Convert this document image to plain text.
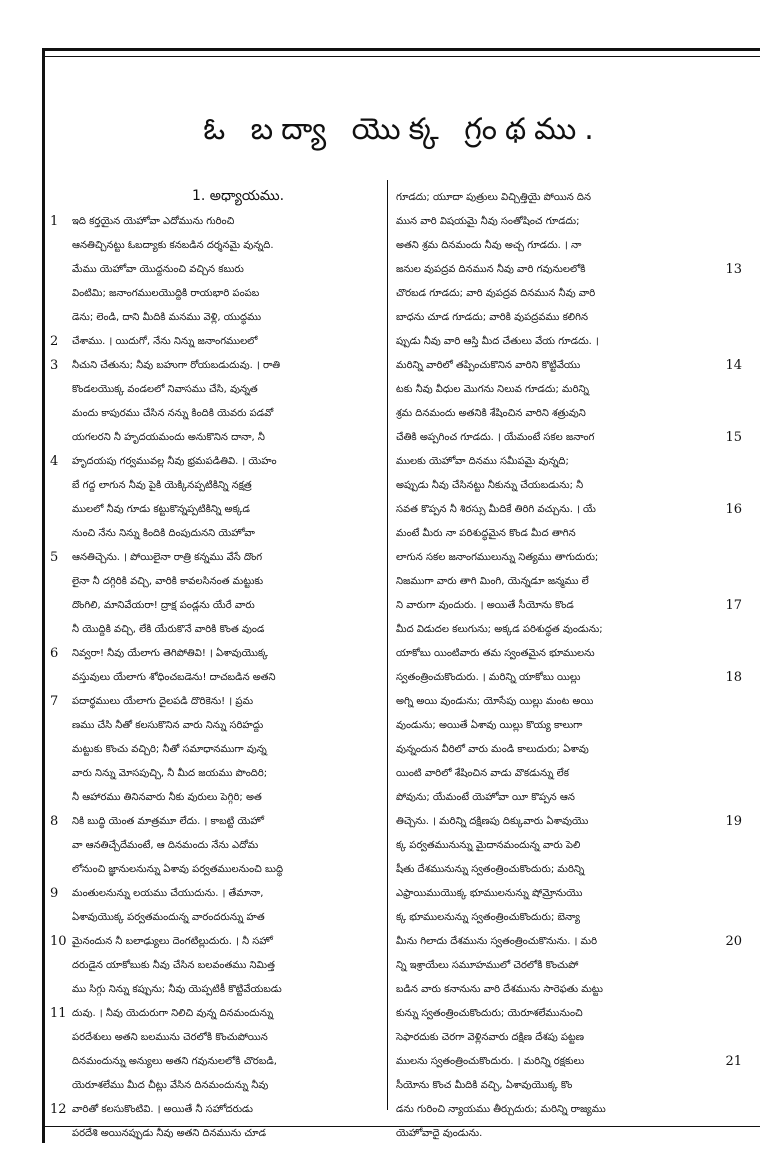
ఓ బద్యా యొక్క గ్రంథము.
1. అధ్యాయము.
1	ఇది కర్తయైన యెహోవా ఎదోమును గురించి
ఆనతిచ్చినట్టు ఓబద్యాకు కనబడిన దర్శనమై వున్నది.
మేము యెహోవా యొద్దనుంచి వచ్చిన కబురు
వింటిమి; జనాంగములయొద్దికి రాయభారి పంపబ
డెను; లెండి, దాని మీదికి మనము వెళ్లి, యుద్ధము
2	చేశాము. । యిదుగో, నేను నిన్ను జనాంగములలో
3	నీచుని చేతును; నీవు బహుగా రోయబడుదువు. । రాతి
కొండలయొక్క వండలలో నివాసము చేసి, వున్నత
మందు కాపురము చేసిన నన్ను కిందికి యెవరు పడవో
యగలరని నీ హృదయమందు అనుకొనిన దానా, నీ
4	హృదయపు గర్వమువల్ల నీవు భ్రమపడితివి. । యెహం
బే గద్ద లాగున నీవు పైకి యెక్కినప్పటికిన్ని నక్షత్ర
ములలో నీవు గూడు కట్టుకొన్నప్పటికిన్ని అక్కడ
నుంచి నేను నిన్ను కిందికి దింపుదునని యెహోవా
5	ఆనతిచ్చెను. । పోయిలైనా రాత్రి కన్నము వేసే దొంగ
లైనా నీ దగ్గిరికి వచ్చి, వారికి కావలసినంత మట్టుకు
దొంగిలి, మానివేయరా! ద్రాక్ష పండ్లను యేరే వారు
నీ యొద్దికి వచ్చి, లేకి యేరుకొనే వారికి కొంత వుండ
6	నివ్వరా! నీవు యేలాగు తెగిపోతివి! । ఏశావుయొక్క
వస్తువులు యేలాగు శోధించబడెను! దాచబడిన అతని
7	పదార్థములు యేలాగు దైలపడి దొరికెను! । ప్రమ
ణము చేసి నీతో కలసుకొనిన వారు నిన్ను సరిహద్దు
మట్టుకు కొంచు వచ్చిరి; నీతో సమాధానముగా వున్న
వారు నిన్ను మోసపుచ్చి, నీ మీద జయము పొందిరి;
నీ ఆహారము తినినవారు నీకు వురులు పెగ్గిరి; అత
8	నికి బుద్ధి యెంత మాత్రమూ లేదు. । కాబట్టి యెహో
వా ఆనతిచ్చేదేమంటే, ఆ దినమందు నేను ఎదోమ
లోనుంచి జ్ఞానులనున్ను ఏశావు పర్వతములనుంచి బుద్ధి
9	మంతులనున్ను లయము చేయుదును. । తేమానా,
ఏశావుయొక్క పర్వతమందున్న వారందరున్ను హత
10 మైనందున నీ బలాఢ్యులు దెంగటిల్లుదురు. । నీ సహో
దరుడైన యాకోబుకు నీవు చేసిన బలవంతము నిమిత్త
ము సిగ్గు నిన్ను కప్పును; నీవు యెప్పటికీ కొట్టివేయబడు
11 దువు. । నీవు యెదురుగా నిలిచి వున్న దినమందున్ను
పరదేశులు అతని బలమును చెరలోకి కొంచుపోయిన
దినమందున్ను అన్యులు అతని గవునులలోకి చొరబడి,
యెరూశలేము మీద చీట్లు వేసిన దినమందున్ను నీవు
12 వారితో కలసుకొంటివి. । అయితే నీ సహోదరుడు
పరదేశి అయినప్పుడు నీవు అతని దినమును చూడ
గూడదు; యూదా పుత్రులు విచ్చిత్తియై పోయిన దిన
మున వారి విషయమై నీవు సంతోషించ గూడదు;
అతని శ్రమ దినమందు నీవు అచ్చ గూడదు. । నా
13
జనుల వుపద్రవ దినమున నీవు వారి గవునులలోకి
చొరబడ గూడదు; వారి వుపద్రవ దినమున నీవు వారి
బాధను చూడ గూడదు; వారికి వుపద్రవము కలిగిన
ప్పుడు నీవు వారి ఆస్తి మీద చేతులు వేయ గూడదు. ।
14
మరిన్ని వారిలో తప్పించుకొనిన వారిని కొట్టివేయు
టకు నీవు వీధుల మొగను నిలువ గూడదు; మరిన్ని
శ్రమ దినమందు అతనికి శేషించిన వారిని శత్రువుని
15
చేతికి అప్పగించ గూడదు. । యేమంటే సకల జనాంగ
ములకు యెహోవా దినము సమీపమై వున్నది;
అప్పుడు నీవు చేసినట్టు నీకున్ను చేయబడును; నీ
16
సవత కొప్పన నీ శిరస్సు మీదికే తిరిగి వచ్చును. । యే
మంటే మీరు నా పరిశుద్ధమైన కొండ మీద తాగిన
లాగున సకల జనాంగములున్ను నిత్యము తాగుదురు;
నిజముగా వారు తాగి మింగి, యెన్నడూ జన్మము లే
17
ని వారుగా వుందురు. । అయితే సీయోను కొండ
మీద విడుదల కలుగును; అక్కడ పరిశుద్ధత వుండును;
యాకోబు యింటివారు తమ స్వంతమైన భూములను
18
స్వతంత్రించుకొందురు. । మరిన్ని యాకోబు యిల్లు
అగ్ని అయి వుండును; యోసేపు యిల్లు మంట అయి
వుండును; అయితే ఏశావు యిల్లు కొయ్య కాలుగా
వున్నందున వీరిలో వారు మండి కాలుదురు; ఏశావు
యింటి వారిలో శేషించిన వాడు వొకడున్ను లేక
పోవును; యేమంటే యెహోవా యీ కొప్పన ఆన
19
తిచ్చెను. । మరిన్ని దక్షిణపు దిక్కువారు ఏశావుయొ
క్క పర్వతమునున్ను మైదానమందున్న వారు పెలి
షీతు దేశమునున్ను స్వతంత్రించుకొందురు; మరిన్ని
ఎఫ్రాయిముయొక్క భూములనున్ను షోమ్రోనుయొ
క్క భూములనున్ను స్వతంత్రించుకొందురు; బెన్యా
20
మీను గిలాదు దేశమును స్వతంత్రించుకొనును. । మరి
న్ని ఇశ్రాయేలు సమూహములో చెరలోకి కొంచుపో
బడిన వారు కనానును వారి దేశమును సారెఫతు మట్టు
కున్ను స్వతంత్రించుకొందురు; యెరూశలేమునుంచి
సెఫారదుకు చెరగా వెళ్లినవారు దక్షిణ దేశపు పట్టణ
21
ములను స్వతంత్రించుకొందురు. । మరిన్ని రక్షకులు
సీయోను కొంచ మీదికి వచ్చి, ఏశావుయొక్క కొం
డను గురించి న్యాయము తీర్చుదురు; మరిన్ని రాజ్యము
యెహోవాదై వుండును.
